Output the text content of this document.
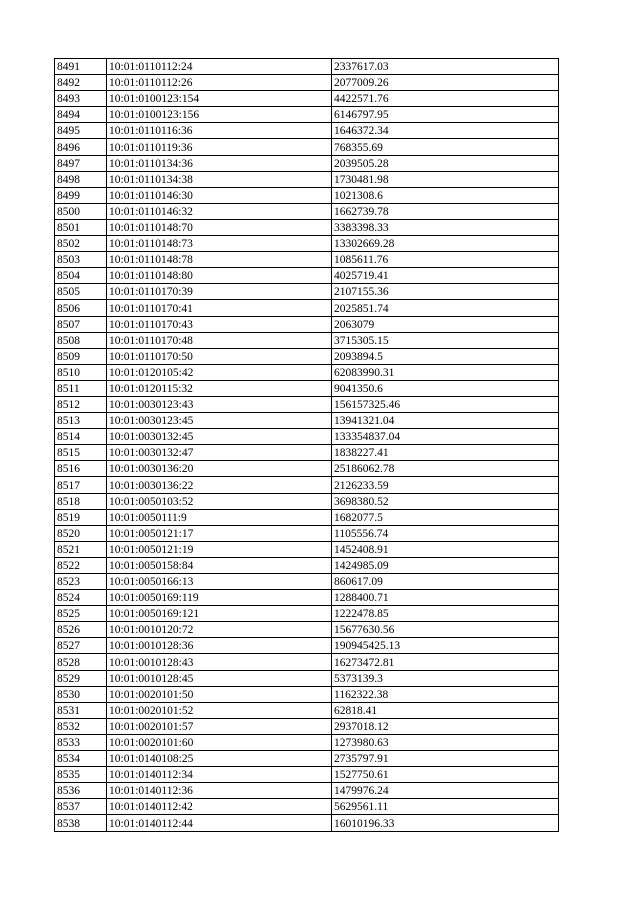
8491	10:01:0110112:24	2337617.03
8492	10:01:0110112:26	2077009.26
8493	10:01:0100123:154	4422571.76
8494	10:01:0100123:156	6146797.95
8495	10:01:0110116:36	1646372.34
8496	10:01:0110119:36	768355.69
8497	10:01:0110134:36	2039505.28
8498	10:01:0110134:38	1730481.98
8499	10:01:0110146:30	1021308.6
8500	10:01:0110146:32	1662739.78
8501	10:01:0110148:70	3383398.33
8502	10:01:0110148:73	13302669.28
8503	10:01:0110148:78	1085611.76
8504	10:01:0110148:80	4025719.41
8505	10:01:0110170:39	2107155.36
8506	10:01:0110170:41	2025851.74
8507	10:01:0110170:43	2063079
8508	10:01:0110170:48	3715305.15
8509	10:01:0110170:50	2093894.5
8510	10:01:0120105:42	62083990.31
8511	10:01:0120115:32	9041350.6
8512	10:01:0030123:43	156157325.46
8513	10:01:0030123:45	13941321.04
8514	10:01:0030132:45	133354837.04
8515	10:01:0030132:47	1838227.41
8516	10:01:0030136:20	25186062.78
8517	10:01:0030136:22	2126233.59
8518	10:01:0050103:52	3698380.52
8519	10:01:0050111:9	1682077.5
8520	10:01:0050121:17	1105556.74
8521	10:01:0050121:19	1452408.91
8522	10:01:0050158:84	1424985.09
8523	10:01:0050166:13	860617.09
8524	10:01:0050169:119	1288400.71
8525	10:01:0050169:121	1222478.85
8526	10:01:0010120:72	15677630.56
8527	10:01:0010128:36	190945425.13
8528	10:01:0010128:43	16273472.81
8529	10:01:0010128:45	5373139.3
8530	10:01:0020101:50	1162322.38
8531	10:01:0020101:52	62818.41
8532	10:01:0020101:57	2937018.12
8533	10:01:0020101:60	1273980.63
8534	10:01:0140108:25	2735797.91
8535	10:01:0140112:34	1527750.61
8536	10:01:0140112:36	1479976.24
8537	10:01:0140112:42	5629561.11
8538	10:01:0140112:44	16010196.33
